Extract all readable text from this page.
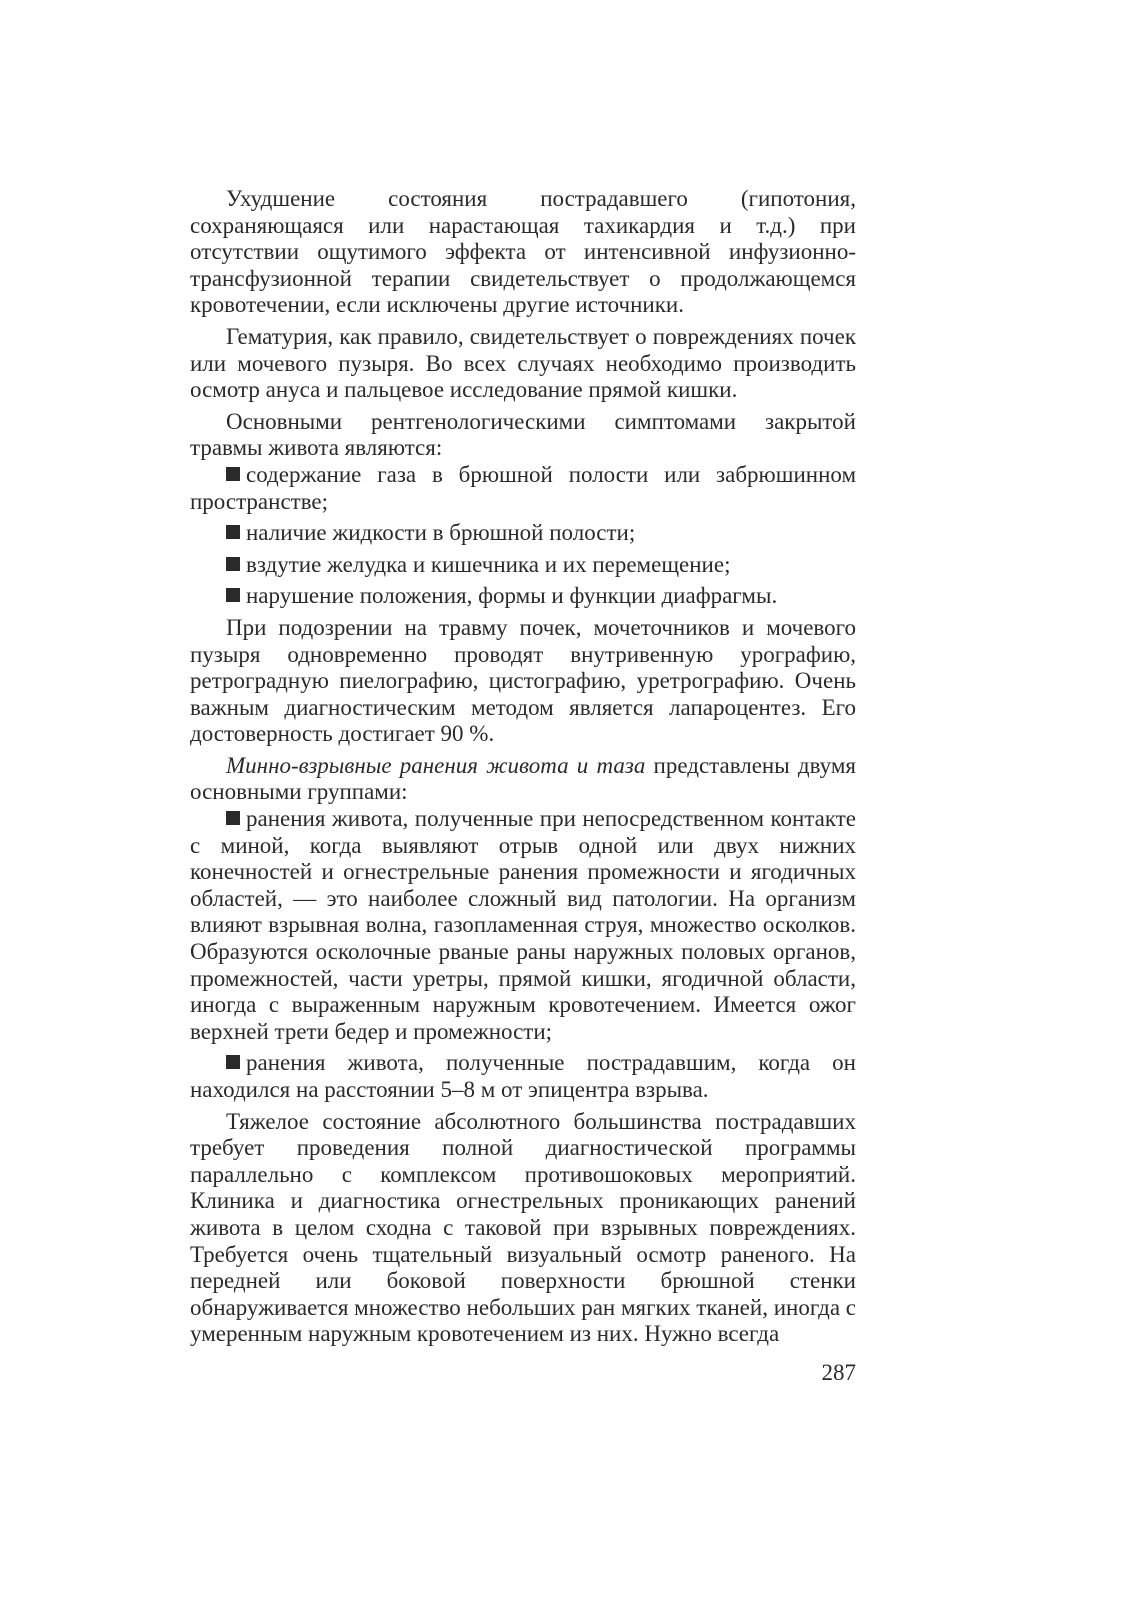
Ухудшение состояния пострадавшего (гипотония, сохраняющаяся или нарастающая тахикардия и т.д.) при отсутствии ощутимого эффекта от интенсивной инфузионно-трансфузионной терапии свидетельствует о продолжающемся кровотечении, если исключены другие источники.

Гематурия, как правило, свидетельствует о повреждениях почек или мочевого пузыря. Во всех случаях необходимо производить осмотр ануса и пальцевое исследование прямой кишки.

Основными рентгенологическими симптомами закрытой травмы живота являются:

содержание газа в брюшной полости или забрюшинном пространстве;

наличие жидкости в брюшной полости;

вздутие желудка и кишечника и их перемещение;

нарушение положения, формы и функции диафрагмы.

При подозрении на травму почек, мочеточников и мочевого пузыря одновременно проводят внутривенную урографию, ретроградную пиелографию, цистографию, уретрографию. Очень важным диагностическим методом является лапароцентез. Его достоверность достигает 90 %.

Минно-взрывные ранения живота и таза представлены двумя основными группами:

ранения живота, полученные при непосредственном контакте с миной, когда выявляют отрыв одной или двух нижних конечностей и огнестрельные ранения промежности и ягодичных областей, — это наиболее сложный вид патологии. На организм влияют взрывная волна, газопламенная струя, множество осколков. Образуются осколочные рваные раны наружных половых органов, промежностей, части уретры, прямой кишки, ягодичной области, иногда с выраженным наружным кровотечением. Имеется ожог верхней трети бедер и промежности;

ранения живота, полученные пострадавшим, когда он находился на расстоянии 5–8 м от эпицентра взрыва.

Тяжелое состояние абсолютного большинства пострадавших требует проведения полной диагностической программы параллельно с комплексом противошоковых мероприятий. Клиника и диагностика огнестрельных проникающих ранений живота в целом сходна с таковой при взрывных повреждениях. Требуется очень тщательный визуальный осмотр раненого. На передней или боковой поверхности брюшной стенки обнаруживается множество небольших ран мягких тканей, иногда с умеренным наружным кровотечением из них. Нужно всегда

287
